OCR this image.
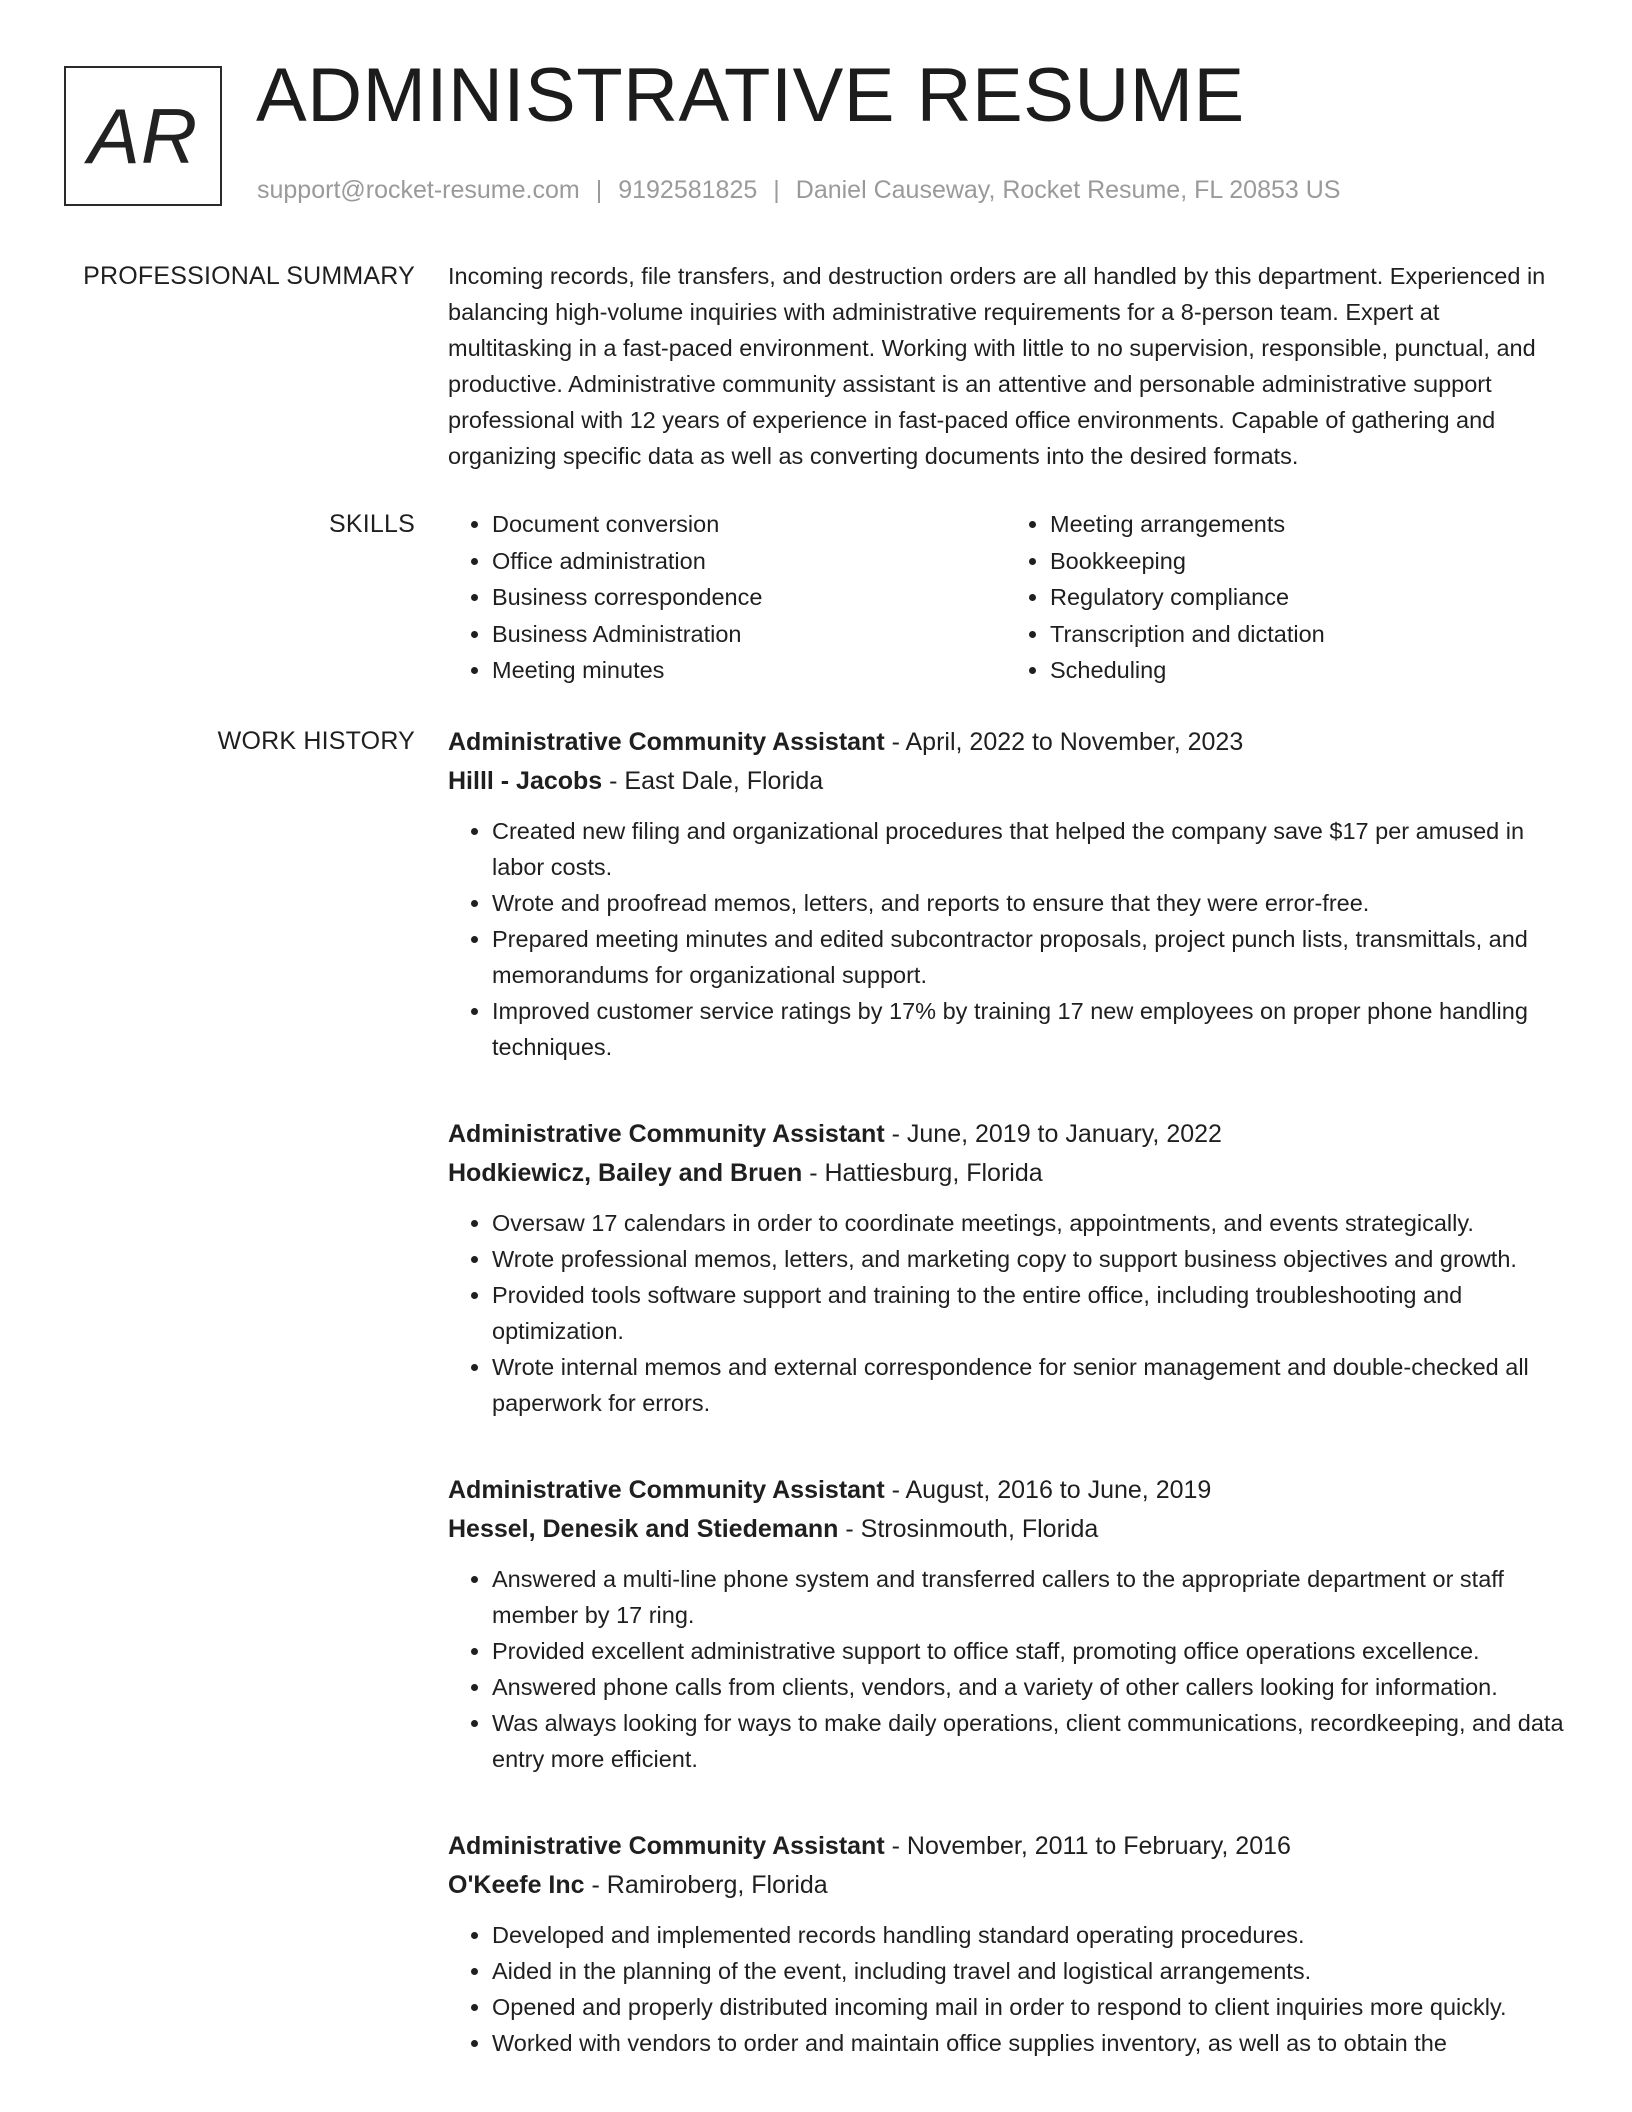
AR ADMINISTRATIVE RESUME
support@rocket-resume.com | 9192581825 | Daniel Causeway, Rocket Resume, FL 20853 US
PROFESSIONAL SUMMARY Incoming records, file transfers, and destruction orders are all handled by this department. Experienced in balancing high-volume inquiries with administrative requirements for a 8-person team. Expert at multitasking in a fast-paced environment. Working with little to no supervision, responsible, punctual, and productive. Administrative community assistant is an attentive and personable administrative support professional with 12 years of experience in fast-paced office environments. Capable of gathering and organizing specific data as well as converting documents into the desired formats.
SKILLS
•	Document conversion
• Office administration
• Business correspondence
• Business Administration
• Meeting minutes
• Meeting arrangements
• Bookkeeping
• Regulatory compliance
• Transcription and dictation
• Scheduling
WORK HISTORY Administrative Community Assistant - April, 2022 to November, 2023
Hilll - Jacobs - East Dale, Florida
• Created new filing and organizational procedures that helped the company save $17 per amused in labor costs.
• Wrote and proofread memos, letters, and reports to ensure that they were error-free.
• Prepared meeting minutes and edited subcontractor proposals, project punch lists, transmittals, and memorandums for organizational support.
• Improved customer service ratings by 17% by training 17 new employees on proper phone handling techniques.
Administrative Community Assistant - June, 2019 to January, 2022
Hodkiewicz, Bailey and Bruen - Hattiesburg, Florida
• Oversaw 17 calendars in order to coordinate meetings, appointments, and events strategically.
• Wrote professional memos, letters, and marketing copy to support business objectives and growth.
• Provided tools software support and training to the entire office, including troubleshooting and optimization.
• Wrote internal memos and external correspondence for senior management and double-checked all paperwork for errors.
Administrative Community Assistant - August, 2016 to June, 2019
Hessel, Denesik and Stiedemann - Strosinmouth, Florida
• Answered a multi-line phone system and transferred callers to the appropriate department or staff member by 17 ring.
• Provided excellent administrative support to office staff, promoting office operations excellence.
• Answered phone calls from clients, vendors, and a variety of other callers looking for information.
• Was always looking for ways to make daily operations, client communications, recordkeeping, and data entry more efficient.
Administrative Community Assistant - November, 2011 to February, 2016
O'Keefe Inc - Ramiroberg, Florida
• Developed and implemented records handling standard operating procedures.
• Aided in the planning of the event, including travel and logistical arrangements.
• Opened and properly distributed incoming mail in order to respond to client inquiries more quickly.
• Worked with vendors to order and maintain office supplies inventory, as well as to obtain the
